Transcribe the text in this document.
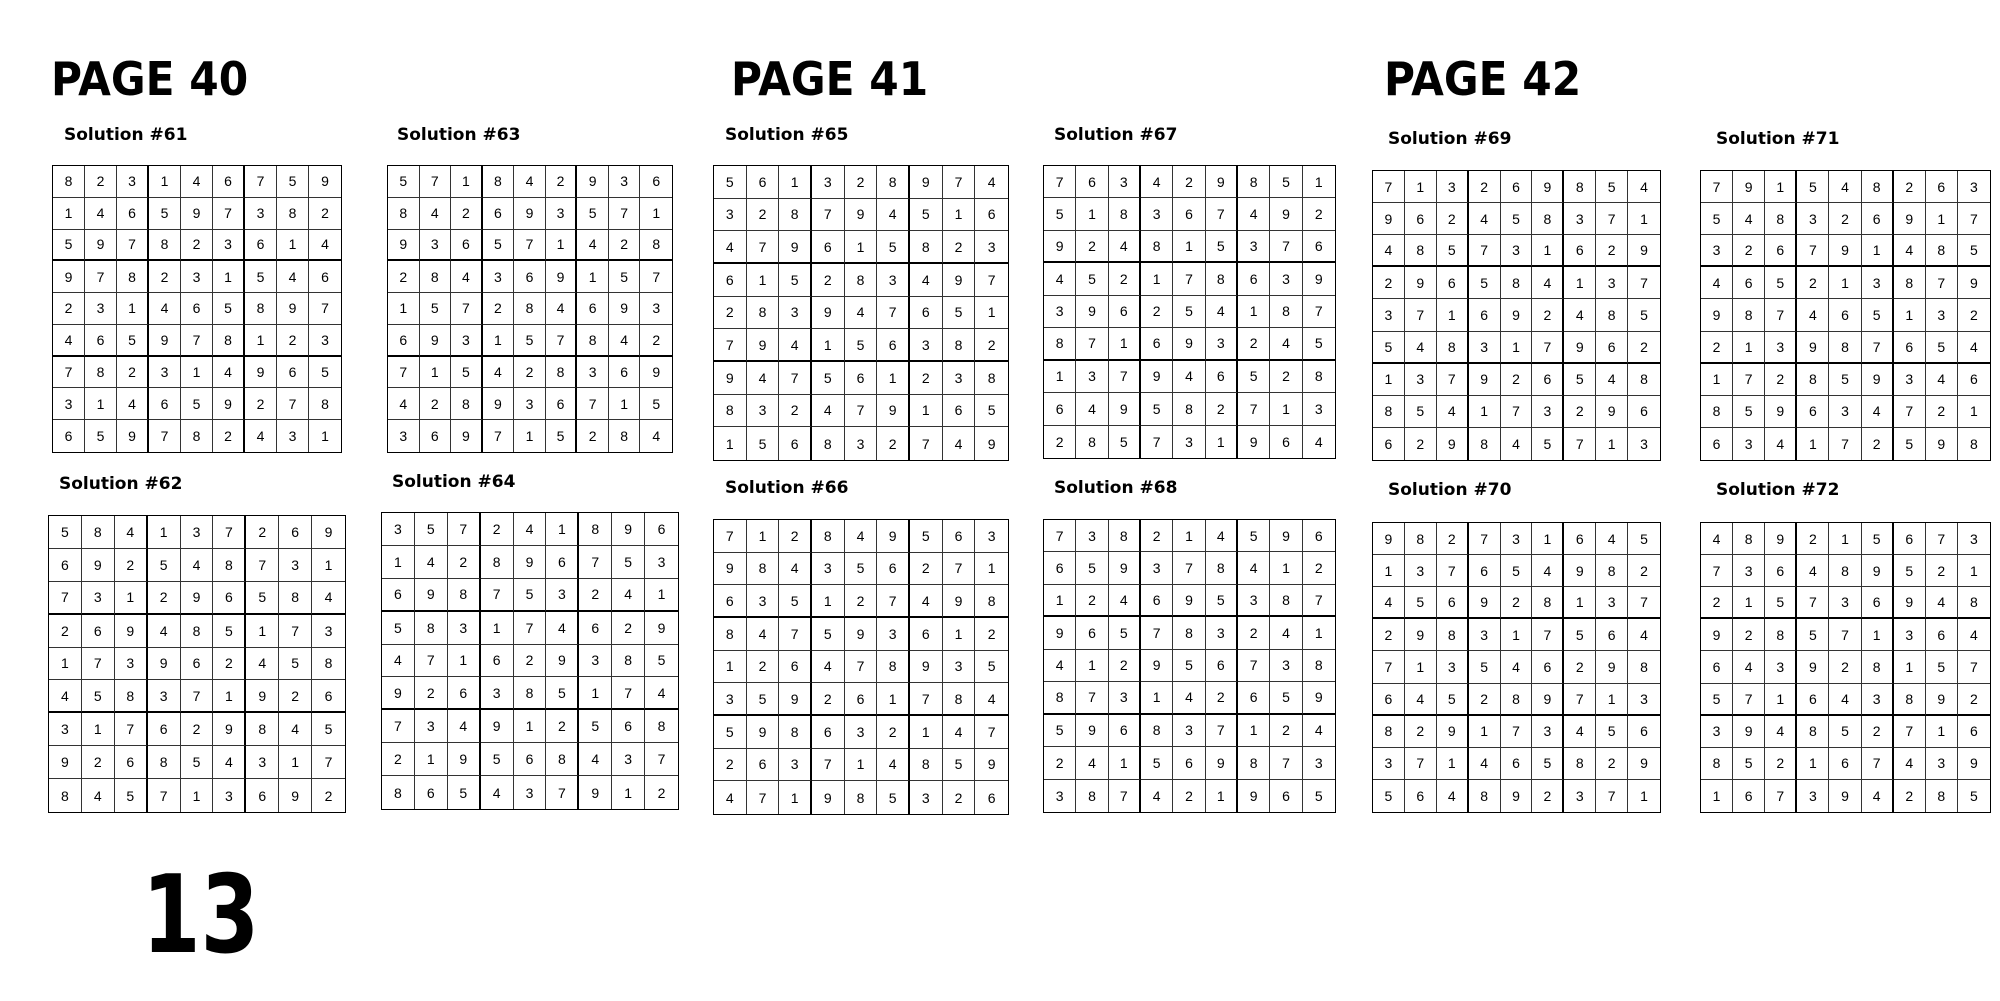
PAGE 40	PAGE 41	PAGE 42
Solution #61
8	2	3	1	4	6	7	5	9
1	4	6	5	9	7	3	8	2
5	9	7	8	2	3	6	1	4
9	7	8	2	3	1	5	4	6
2	3	1	4	6	5	8	9	7
4	6	5	9	7	8	1	2	3
7	8	2	3	1	4	9	6	5
3	1	4	6	5	9	2	7	8
6	5	9	7	8	2	4	3	1
Solution #62
5	8	4	1	3	7	2	6	9
6	9	2	5	4	8	7	3	1
7	3	1	2	9	6	5	8	4
2	6	9	4	8	5	1	7	3
1	7	3	9	6	2	4	5	8
4	5	8	3	7	1	9	2	6
3	1	7	6	2	9	8	4	5
9	2	6	8	5	4	3	1	7
8	4	5	7	1	3	6	9	2
Solution #63
5	7	1	8	4	2	9	3	6
8	4	2	6	9	3	5	7	1
9	3	6	5	7	1	4	2	8
2	8	4	3	6	9	1	5	7
1	5	7	2	8	4	6	9	3
6	9	3	1	5	7	8	4	2
7	1	5	4	2	8	3	6	9
4	2	8	9	3	6	7	1	5
3	6	9	7	1	5	2	8	4
Solution #64
3	5	7	2	4	1	8	9	6
1	4	2	8	9	6	7	5	3
6	9	8	7	5	3	2	4	1
5	8	3	1	7	4	6	2	9
4	7	1	6	2	9	3	8	5
9	2	6	3	8	5	1	7	4
7	3	4	9	1	2	5	6	8
2	1	9	5	6	8	4	3	7
8	6	5	4	3	7	9	1	2
Solution #65
5	6	1	3	2	8	9	7	4
3	2	8	7	9	4	5	1	6
4	7	9	6	1	5	8	2	3
6	1	5	2	8	3	4	9	7
2	8	3	9	4	7	6	5	1
7	9	4	1	5	6	3	8	2
9	4	7	5	6	1	2	3	8
8	3	2	4	7	9	1	6	5
1	5	6	8	3	2	7	4	9
Solution #66
7	1	2	8	4	9	5	6	3
9	8	4	3	5	6	2	7	1
6	3	5	1	2	7	4	9	8
8	4	7	5	9	3	6	1	2
1	2	6	4	7	8	9	3	5
3	5	9	2	6	1	7	8	4
5	9	8	6	3	2	1	4	7
2	6	3	7	1	4	8	5	9
4	7	1	9	8	5	3	2	6
Solution #67
7	6	3	4	2	9	8	5	1
5	1	8	3	6	7	4	9	2
9	2	4	8	1	5	3	7	6
4	5	2	1	7	8	6	3	9
3	9	6	2	5	4	1	8	7
8	7	1	6	9	3	2	4	5
1	3	7	9	4	6	5	2	8
6	4	9	5	8	2	7	1	3
2	8	5	7	3	1	9	6	4
Solution #68
7	3	8	2	1	4	5	9	6
6	5	9	3	7	8	4	1	2
1	2	4	6	9	5	3	8	7
9	6	5	7	8	3	2	4	1
4	1	2	9	5	6	7	3	8
8	7	3	1	4	2	6	5	9
5	9	6	8	3	7	1	2	4
2	4	1	5	6	9	8	7	3
3	8	7	4	2	1	9	6	5
Solution #69
7	1	3	2	6	9	8	5	4
9	6	2	4	5	8	3	7	1
4	8	5	7	3	1	6	2	9
2	9	6	5	8	4	1	3	7
3	7	1	6	9	2	4	8	5
5	4	8	3	1	7	9	6	2
1	3	7	9	2	6	5	4	8
8	5	4	1	7	3	2	9	6
6	2	9	8	4	5	7	1	3
Solution #70
9	8	2	7	3	1	6	4	5
1	3	7	6	5	4	9	8	2
4	5	6	9	2	8	1	3	7
2	9	8	3	1	7	5	6	4
7	1	3	5	4	6	2	9	8
6	4	5	2	8	9	7	1	3
8	2	9	1	7	3	4	5	6
3	7	1	4	6	5	8	2	9
5	6	4	8	9	2	3	7	1
Solution #71
7	9	1	5	4	8	2	6	3
5	4	8	3	2	6	9	1	7
3	2	6	7	9	1	4	8	5
4	6	5	2	1	3	8	7	9
9	8	7	4	6	5	1	3	2
2	1	3	9	8	7	6	5	4
1	7	2	8	5	9	3	4	6
8	5	9	6	3	4	7	2	1
6	3	4	1	7	2	5	9	8
Solution #72
4	8	9	2	1	5	6	7	3
7	3	6	4	8	9	5	2	1
2	1	5	7	3	6	9	4	8
9	2	8	5	7	1	3	6	4
6	4	3	9	2	8	1	5	7
5	7	1	6	4	3	8	9	2
3	9	4	8	5	2	7	1	6
8	5	2	1	6	7	4	3	9
1	6	7	3	9	4	2	8	5
13
